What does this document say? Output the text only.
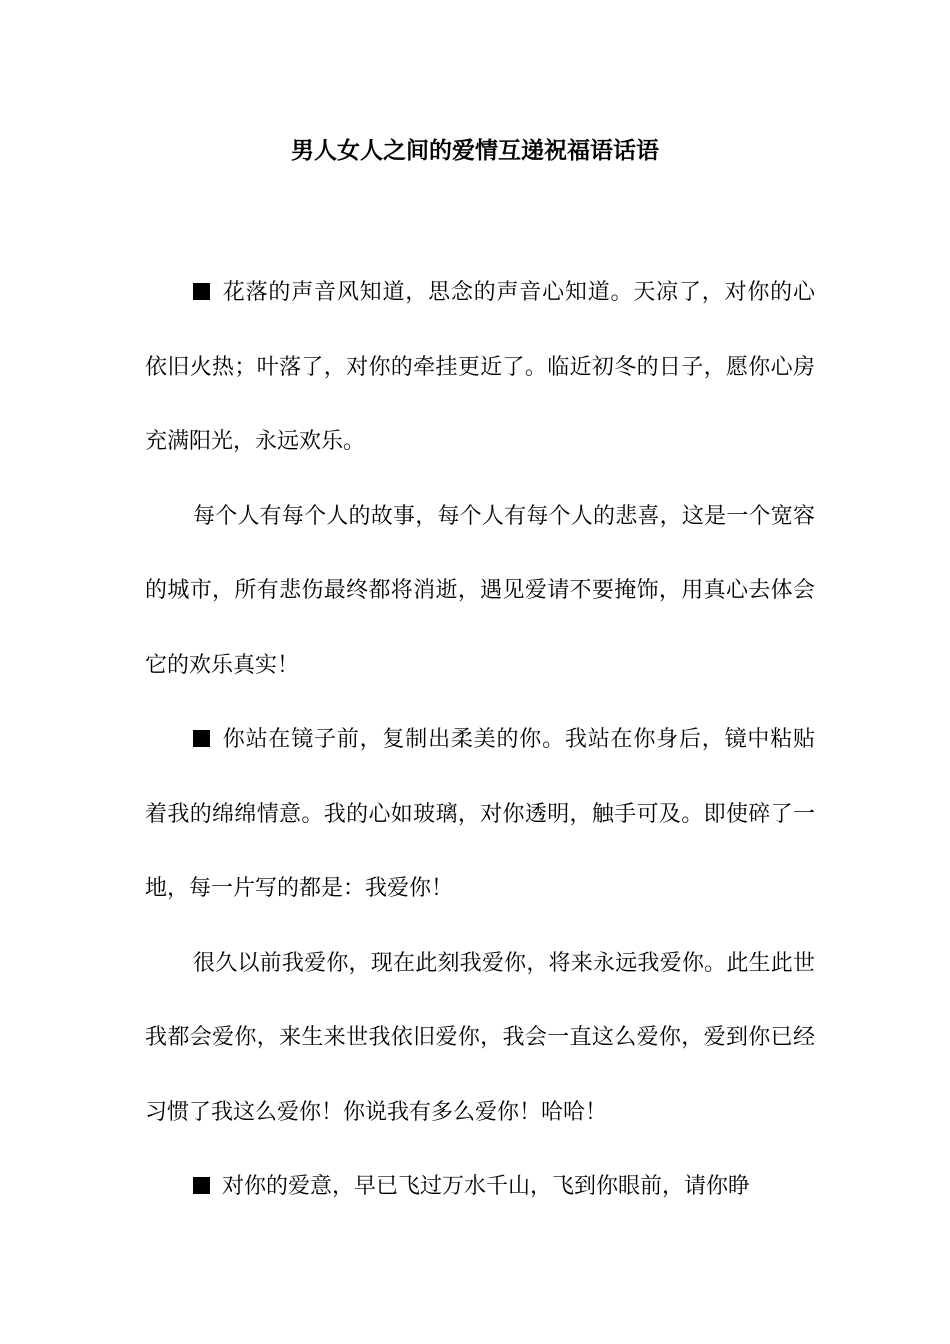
男人女人之间的爱情互递祝福语话语

花落的声音风知道，思念的声音心知道。天凉了，对你的心依旧火热；叶落了，对你的牵挂更近了。临近初冬的日子，愿你心房充满阳光，永远欢乐。

每个人有每个人的故事，每个人有每个人的悲喜，这是一个宽容的城市，所有悲伤最终都将消逝，遇见爱请不要掩饰，用真心去体会它的欢乐真实！

你站在镜子前，复制出柔美的你。我站在你身后，镜中粘贴着我的绵绵情意。我的心如玻璃，对你透明，触手可及。即使碎了一地，每一片写的都是：我爱你！

很久以前我爱你，现在此刻我爱你，将来永远我爱你。此生此世我都会爱你，来生来世我依旧爱你，我会一直这么爱你，爱到你已经习惯了我这么爱你！你说我有多么爱你！哈哈！

对你的爱意，早已飞过万水千山，飞到你眼前，请你睁
